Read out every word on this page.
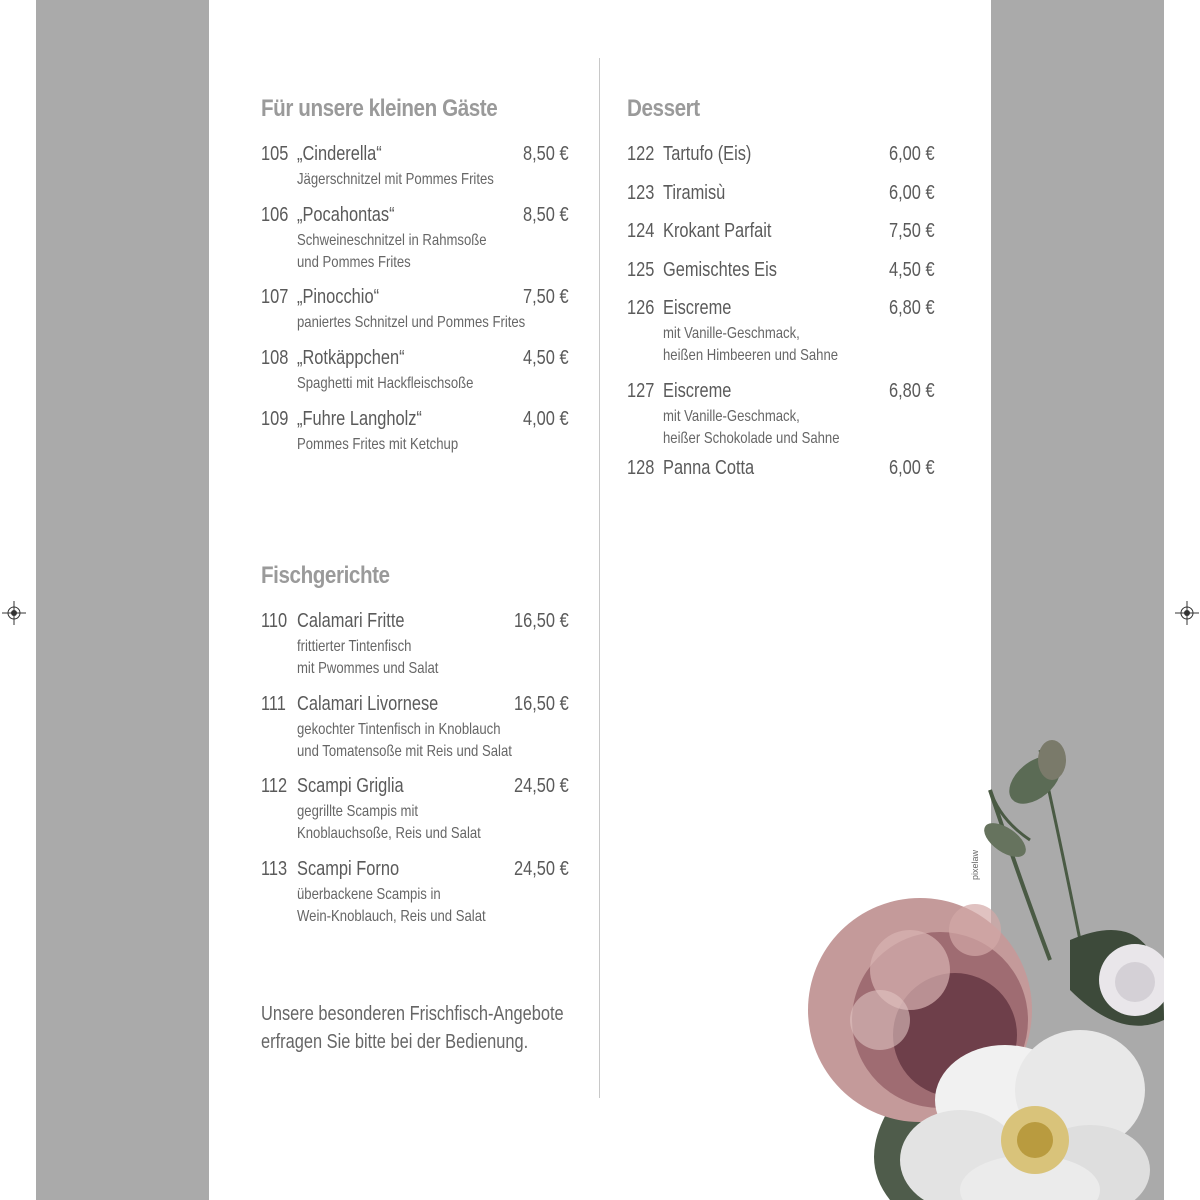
Für unsere kleinen Gäste
105 „Cinderella“	8,50 €
Jägerschnitzel mit Pommes Frites
106 „Pocahontas“	8,50 €
Schweineschnitzel in Rahmsoße
und Pommes Frites
107 „Pinocchio“	7,50 €
paniertes Schnitzel und Pommes Frites
108 „Rotkäppchen“	4,50 €
Spaghetti mit Hackfleischsoße
109 „Fuhre Langholz“	4,00 €
Pommes Frites mit Ketchup
Fischgerichte
110 Calamari Fritte	16,50 €
frittierter Tintenfisch
mit Pwommes und Salat
111 Calamari Livornese	16,50 €
gekochter Tintenfisch in Knoblauch
und Tomatensoße mit Reis und Salat
112 Scampi Griglia	24,50 €
gegrillte Scampis mit
Knoblauchsoße, Reis und Salat
113 Scampi Forno	24,50 €
überbackene Scampis in
Wein-Knoblauch, Reis und Salat
Unsere besonderen Frischfisch-Angebote
erfragen Sie bitte bei der Bedienung.
Dessert
122 Tartufo (Eis)	6,00 €
123 Tiramisù	6,00 €
124 Krokant Parfait	7,50 €
125 Gemischtes Eis	4,50 €
126 Eiscreme	6,80 €
mit Vanille-Geschmack,
heißen Himbeeren und Sahne
127 Eiscreme	6,80 €
mit Vanille-Geschmack,
heißer Schokolade und Sahne
128 Panna Cotta	6,00 €
pixelaw
